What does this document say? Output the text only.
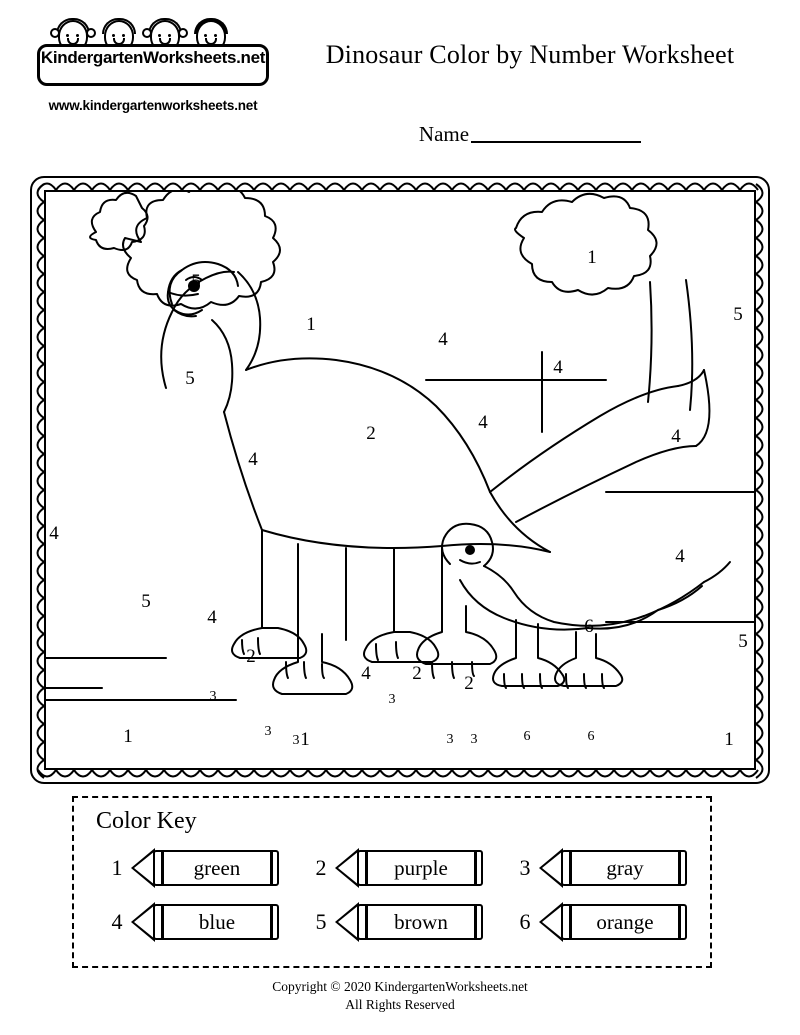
KindergartenWorksheets.net
www.kindergartenworksheets.net
Dinosaur Color by Number Worksheet
Name
5
1
5
4
1
5
4
4
4
2
4
4
5
4
2
4
6
5
4 2 2
1	1	1
3
3
3
3
3 3	6	6
Color Key
1	green	2	purple	3	gray
4	blue	5	brown	6	orange
Copyright © 2020 KindergartenWorksheets.net
All Rights Reserved
